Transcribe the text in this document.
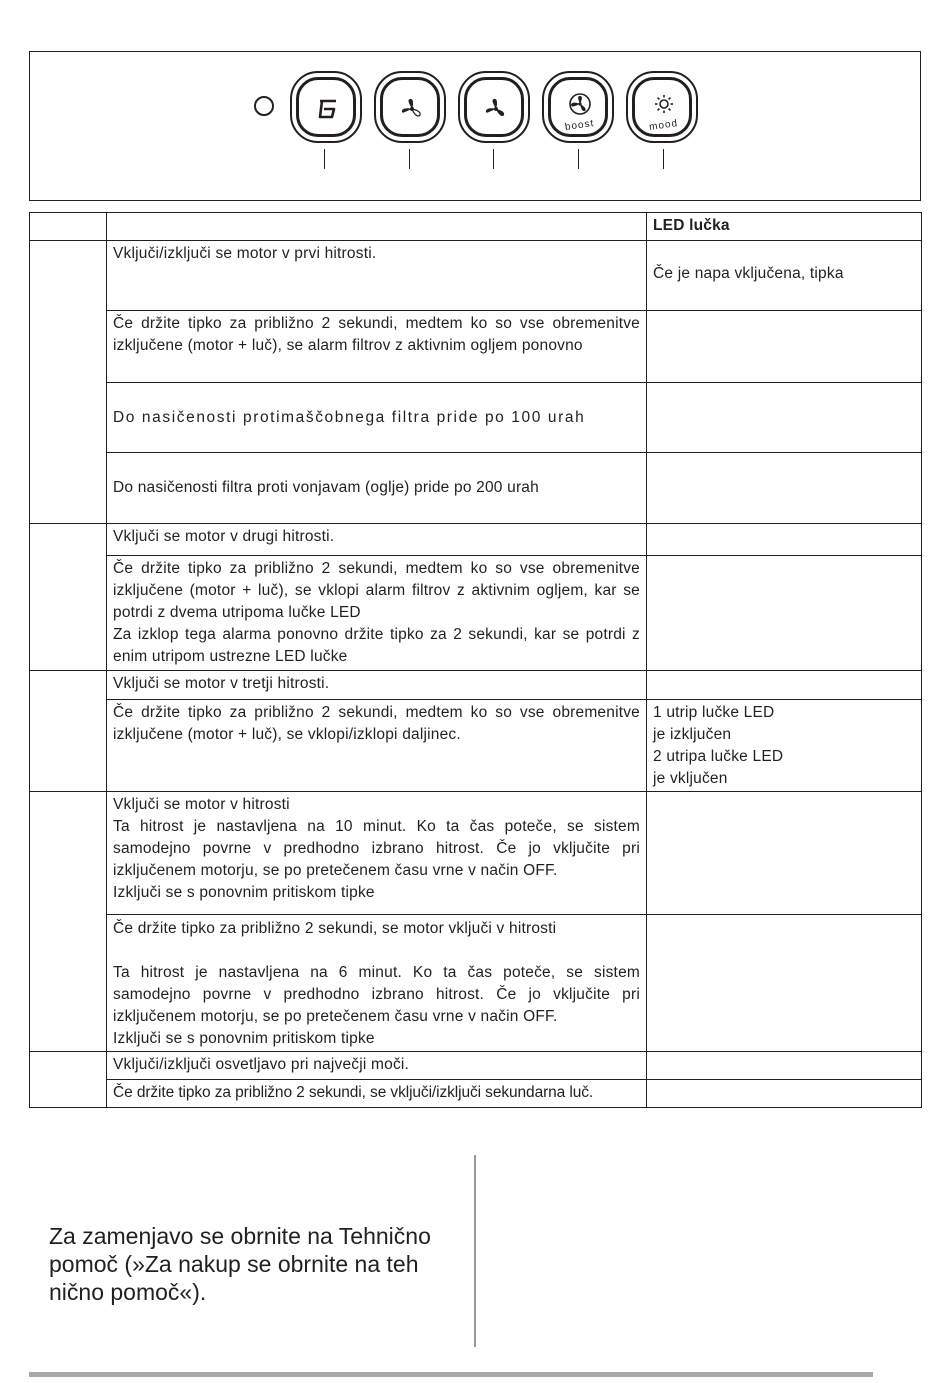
boost	mood
		LED lučka
	Vključi/izključi se motor v prvi hitrosti.	Če je napa vključena, tipka
	Če držite tipko za približno 2 sekundi, medtem ko so vse obremenitve izključene (motor + luč), se alarm filtrov z aktivnim ogljem ponovno	
	Do nasičenosti protimaščobnega filtra pride po 100 urah	
	Do nasičenosti filtra proti vonjavam (oglje) pride po 200 urah	
	Vključi se motor v drugi hitrosti.	

	Če držite tipko za približno 2 sekundi, medtem ko so vse obremenitve izključene (motor + luč), se vklopi alarm filtrov z aktivnim ogljem, kar se potrdi z dvema utripoma lučke LED
Za izklop tega alarma ponovno držite tipko za 2 sekundi, kar se potrdi z enim utripom ustrezne LED lučke	

	Vključi se motor v tretji hitrosti.	
	Če držite tipko za približno 2 sekundi, medtem ko so vse obremenitve izključene (motor + luč), se vklopi/izklopi daljinec.	1 utrip lučke LED
je izključen
2 utripa lučke LED
je vključen

	Vključi se motor v hitrosti
Ta hitrost je nastavljena na 10 minut. Ko ta čas poteče, se sistem samodejno povrne v predhodno izbrano hitrost. Če jo vključite pri izključenem motorju, se po pretečenem času vrne v način OFF.
Izključi se s ponovnim pritiskom tipke	

	Če držite tipko za približno 2 sekundi, se motor vključi v hitrosti
Ta hitrost je nastavljena na 6 minut. Ko ta čas poteče, se sistem samodejno povrne v predhodno izbrano hitrost. Če jo vključite pri izključenem motorju, se po pretečenem času vrne v način OFF.
Izključi se s ponovnim pritiskom tipke	

	Vključi/izključi osvetljavo pri največji moči.	
	Če držite tipko za približno 2 sekundi, se vključi/izključi sekundarna luč.	
Za zamenjavo se obrnite na Tehnično pomoč (»Za nakup se obrnite na teh nično pomoč«).
